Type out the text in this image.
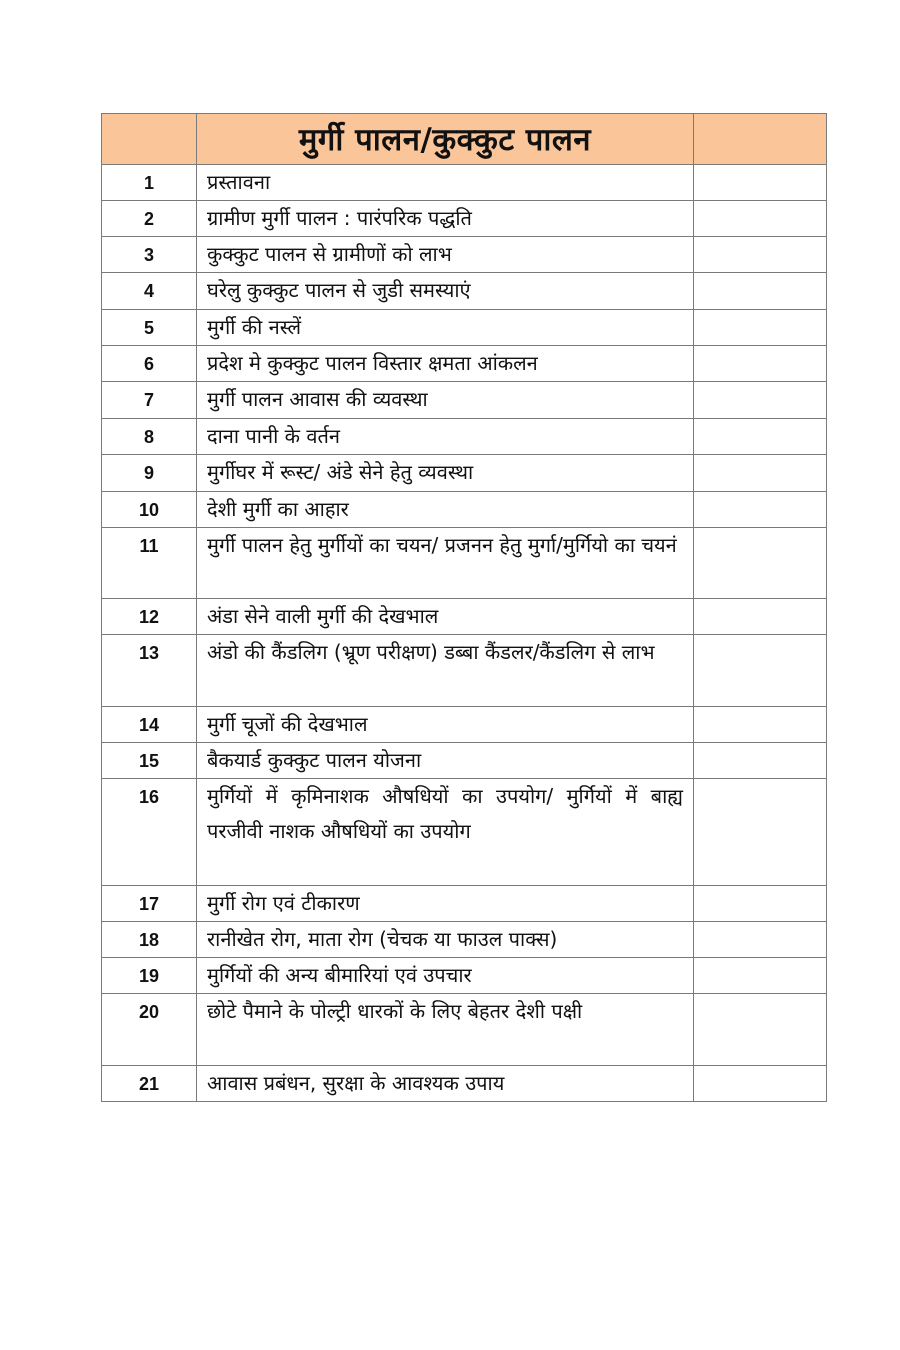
	मुर्गी पालन/कुक्कुट पालन	
1	प्रस्तावना	

2	ग्रामीण मुर्गी पालन : पारंपरिक पद्धति	

3	कुक्कुट पालन से ग्रामीणों को लाभ	

4	घरेलु कुक्कुट पालन से जुडी समस्याएं	

5	मुर्गी की नस्लें	

6	प्रदेश मे कुक्कुट पालन विस्तार क्षमता आंकलन	

7	मुर्गी पालन आवास की व्यवस्था	

8	दाना पानी के वर्तन	

9	मुर्गीघर में रूस्ट/ अंडे सेने हेतु व्यवस्था	

10	देशी मुर्गी का आहार	

11	मुर्गी पालन हेतु मुर्गीयों का चयन/ प्रजनन हेतु मुर्गा/मुर्गियो का चयनं	

12	अंडा सेने वाली मुर्गी की देखभाल	

13	अंडो की कैंडलिग (भ्रूण परीक्षण) डब्बा कैंडलर/कैंडलिग से लाभ	

14	मुर्गी चूजों की देखभाल	

15	बैकयार्ड कुक्कुट पालन योजना	

16	मुर्गियों में कृमिनाशक औषधियों का उपयोग/ मुर्गियों में बाह्य परजीवी नाशक औषधियों का उपयोग	

17	मुर्गी रोग एवं टीकारण	

18	रानीखेत रोग, माता रोग (चेचक या फाउल पाक्स)	

19	मुर्गियों की अन्य बीमारियां एवं उपचार	

20	छोटे पैमाने के पोल्ट्री धारकों के लिए बेहतर देशी पक्षी	

21	आवास प्रबंधन, सुरक्षा के आवश्यक उपाय	
